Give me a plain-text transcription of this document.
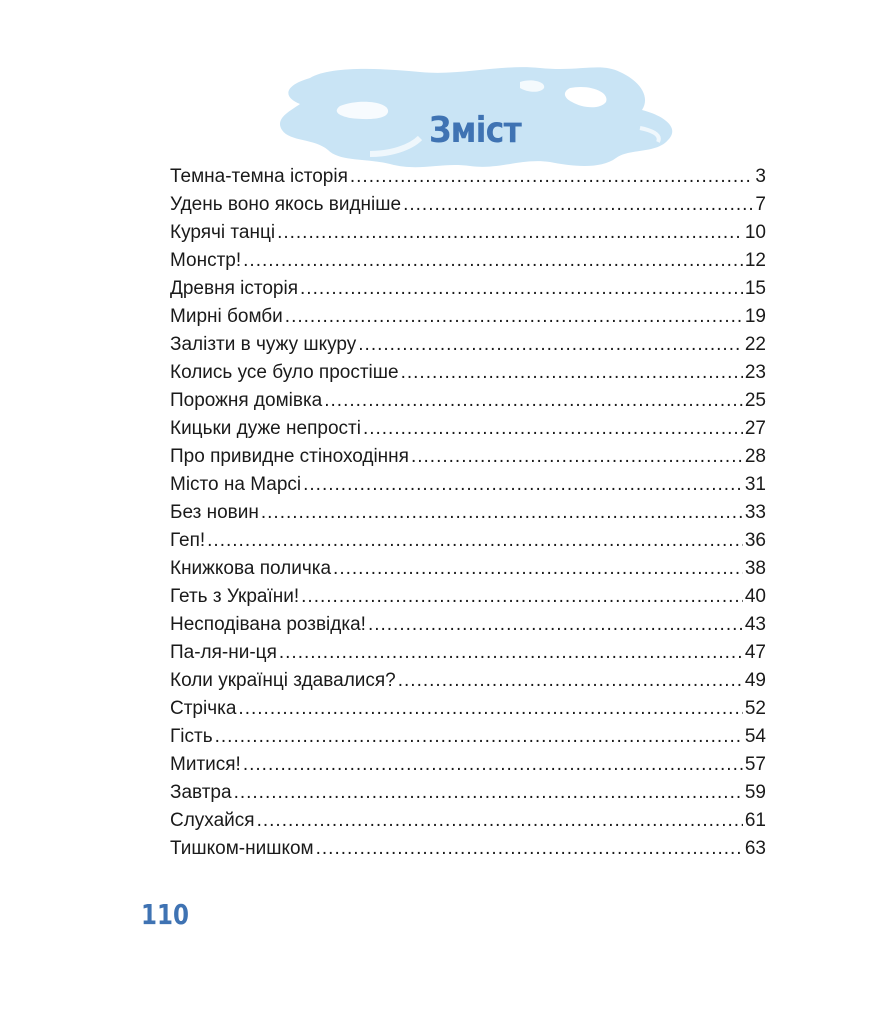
Зміст
Темна-темна історія .....	3
Удень воно якось видніше .....	7
Курячі танці .....	10
Монстр! .....	12
Древня історія .....	15
Мирні бомби .....	19
Залізти в чужу шкуру .....	22
Колись усе було простіше .....	23
Порожня домівка .....	25
Кицьки дуже непрості .....	27
Про привидне стіноходіння .....	28
Місто на Марсі .....	31
Без новин .....	33
Геп! .....	36
Книжкова поличка .....	38
Геть з України! .....	40
Несподівана розвідка! .....	43
Па-ля-ни-ця .....	47
Коли українці здавалися? .....	49
Стрічка .....	52
Гість .....	54
Митися! .....	57
Завтра .....	59
Слухайся .....	61
Тишком-нишком .....	63
110
